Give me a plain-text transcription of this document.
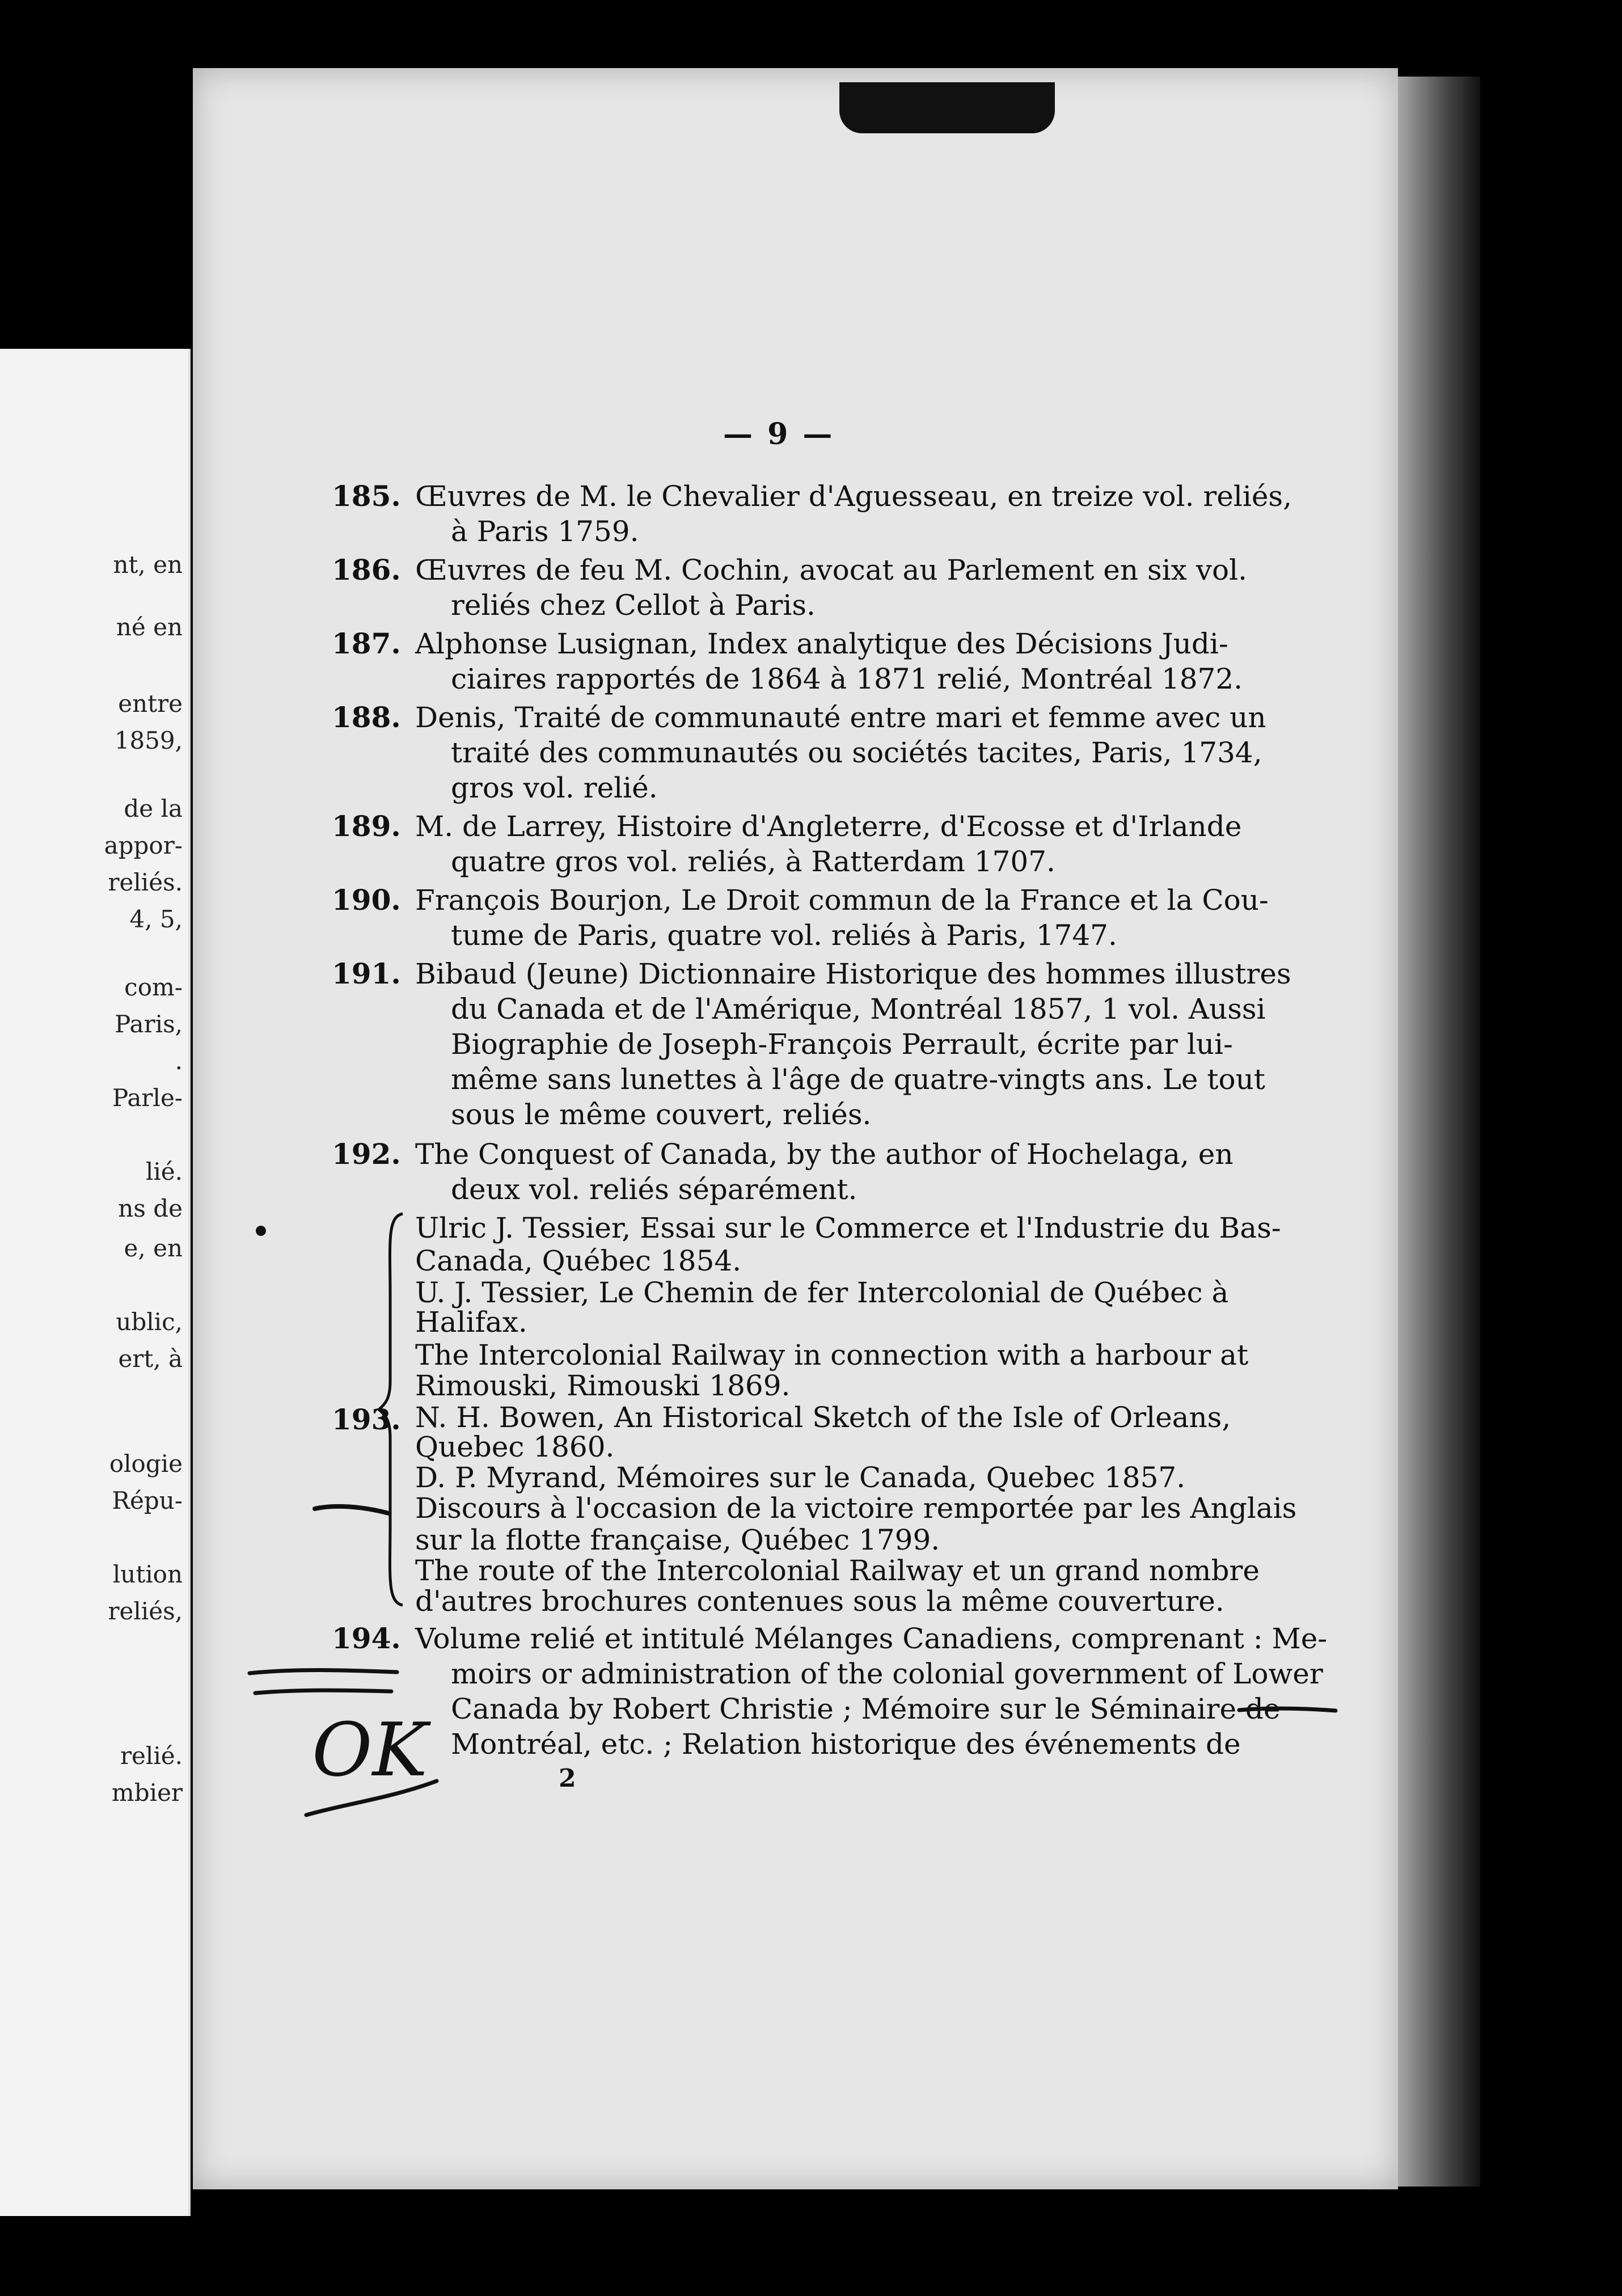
nt, en
né en
entre
1859,
de la
appor-
reliés.
4, 5,
com-
Paris,
.
Parle-
lié.
ns de
e, en
ublic,
ert, à
ologie
Répu-
lution
reliés,
relié.
mbier
— 9 —
185. Œuvres de M. le Chevalier d'Aguesseau, en treize vol. reliés,
à Paris 1759.
186. Œuvres de feu M. Cochin, avocat au Parlement en six vol.
reliés chez Cellot à Paris.
187. Alphonse Lusignan, Index analytique des Décisions Judi-
ciaires rapportés de 1864 à 1871 relié, Montréal 1872.
188. Denis, Traité de communauté entre mari et femme avec un
traité des communautés ou sociétés tacites, Paris, 1734,
gros vol. relié.
189. M. de Larrey, Histoire d'Angleterre, d'Ecosse et d'Irlande
quatre gros vol. reliés, à Ratterdam 1707.
190. François Bourjon, Le Droit commun de la France et la Cou-
tume de Paris, quatre vol. reliés à Paris, 1747.
191. Bibaud (Jeune) Dictionnaire Historique des hommes illustres
du Canada et de l'Amérique, Montréal 1857, 1 vol. Aussi
Biographie de Joseph-François Perrault, écrite par lui-
même sans lunettes à l'âge de quatre-vingts ans. Le tout
sous le même couvert, reliés.
192. The Conquest of Canada, by the author of Hochelaga, en
deux vol. reliés séparément.
193.
Ulric J. Tessier, Essai sur le Commerce et l'Industrie du Bas-
Canada, Québec 1854.
U. J. Tessier, Le Chemin de fer Intercolonial de Québec à
Halifax.
The Intercolonial Railway in connection with a harbour at
Rimouski, Rimouski 1869.
N. H. Bowen, An Historical Sketch of the Isle of Orleans,
Quebec 1860.
D. P. Myrand, Mémoires sur le Canada, Quebec 1857.
Discours à l'occasion de la victoire remportée par les Anglais
sur la flotte française, Québec 1799.
The route of the Intercolonial Railway et un grand nombre
d'autres brochures contenues sous la même couverture.
194. Volume relié et intitulé Mélanges Canadiens, comprenant : Me-
moirs or administration of the colonial government of Lower
Canada by Robert Christie ; Mémoire sur le Séminaire de
Montréal, etc. ; Relation historique des événements de
OK	2
